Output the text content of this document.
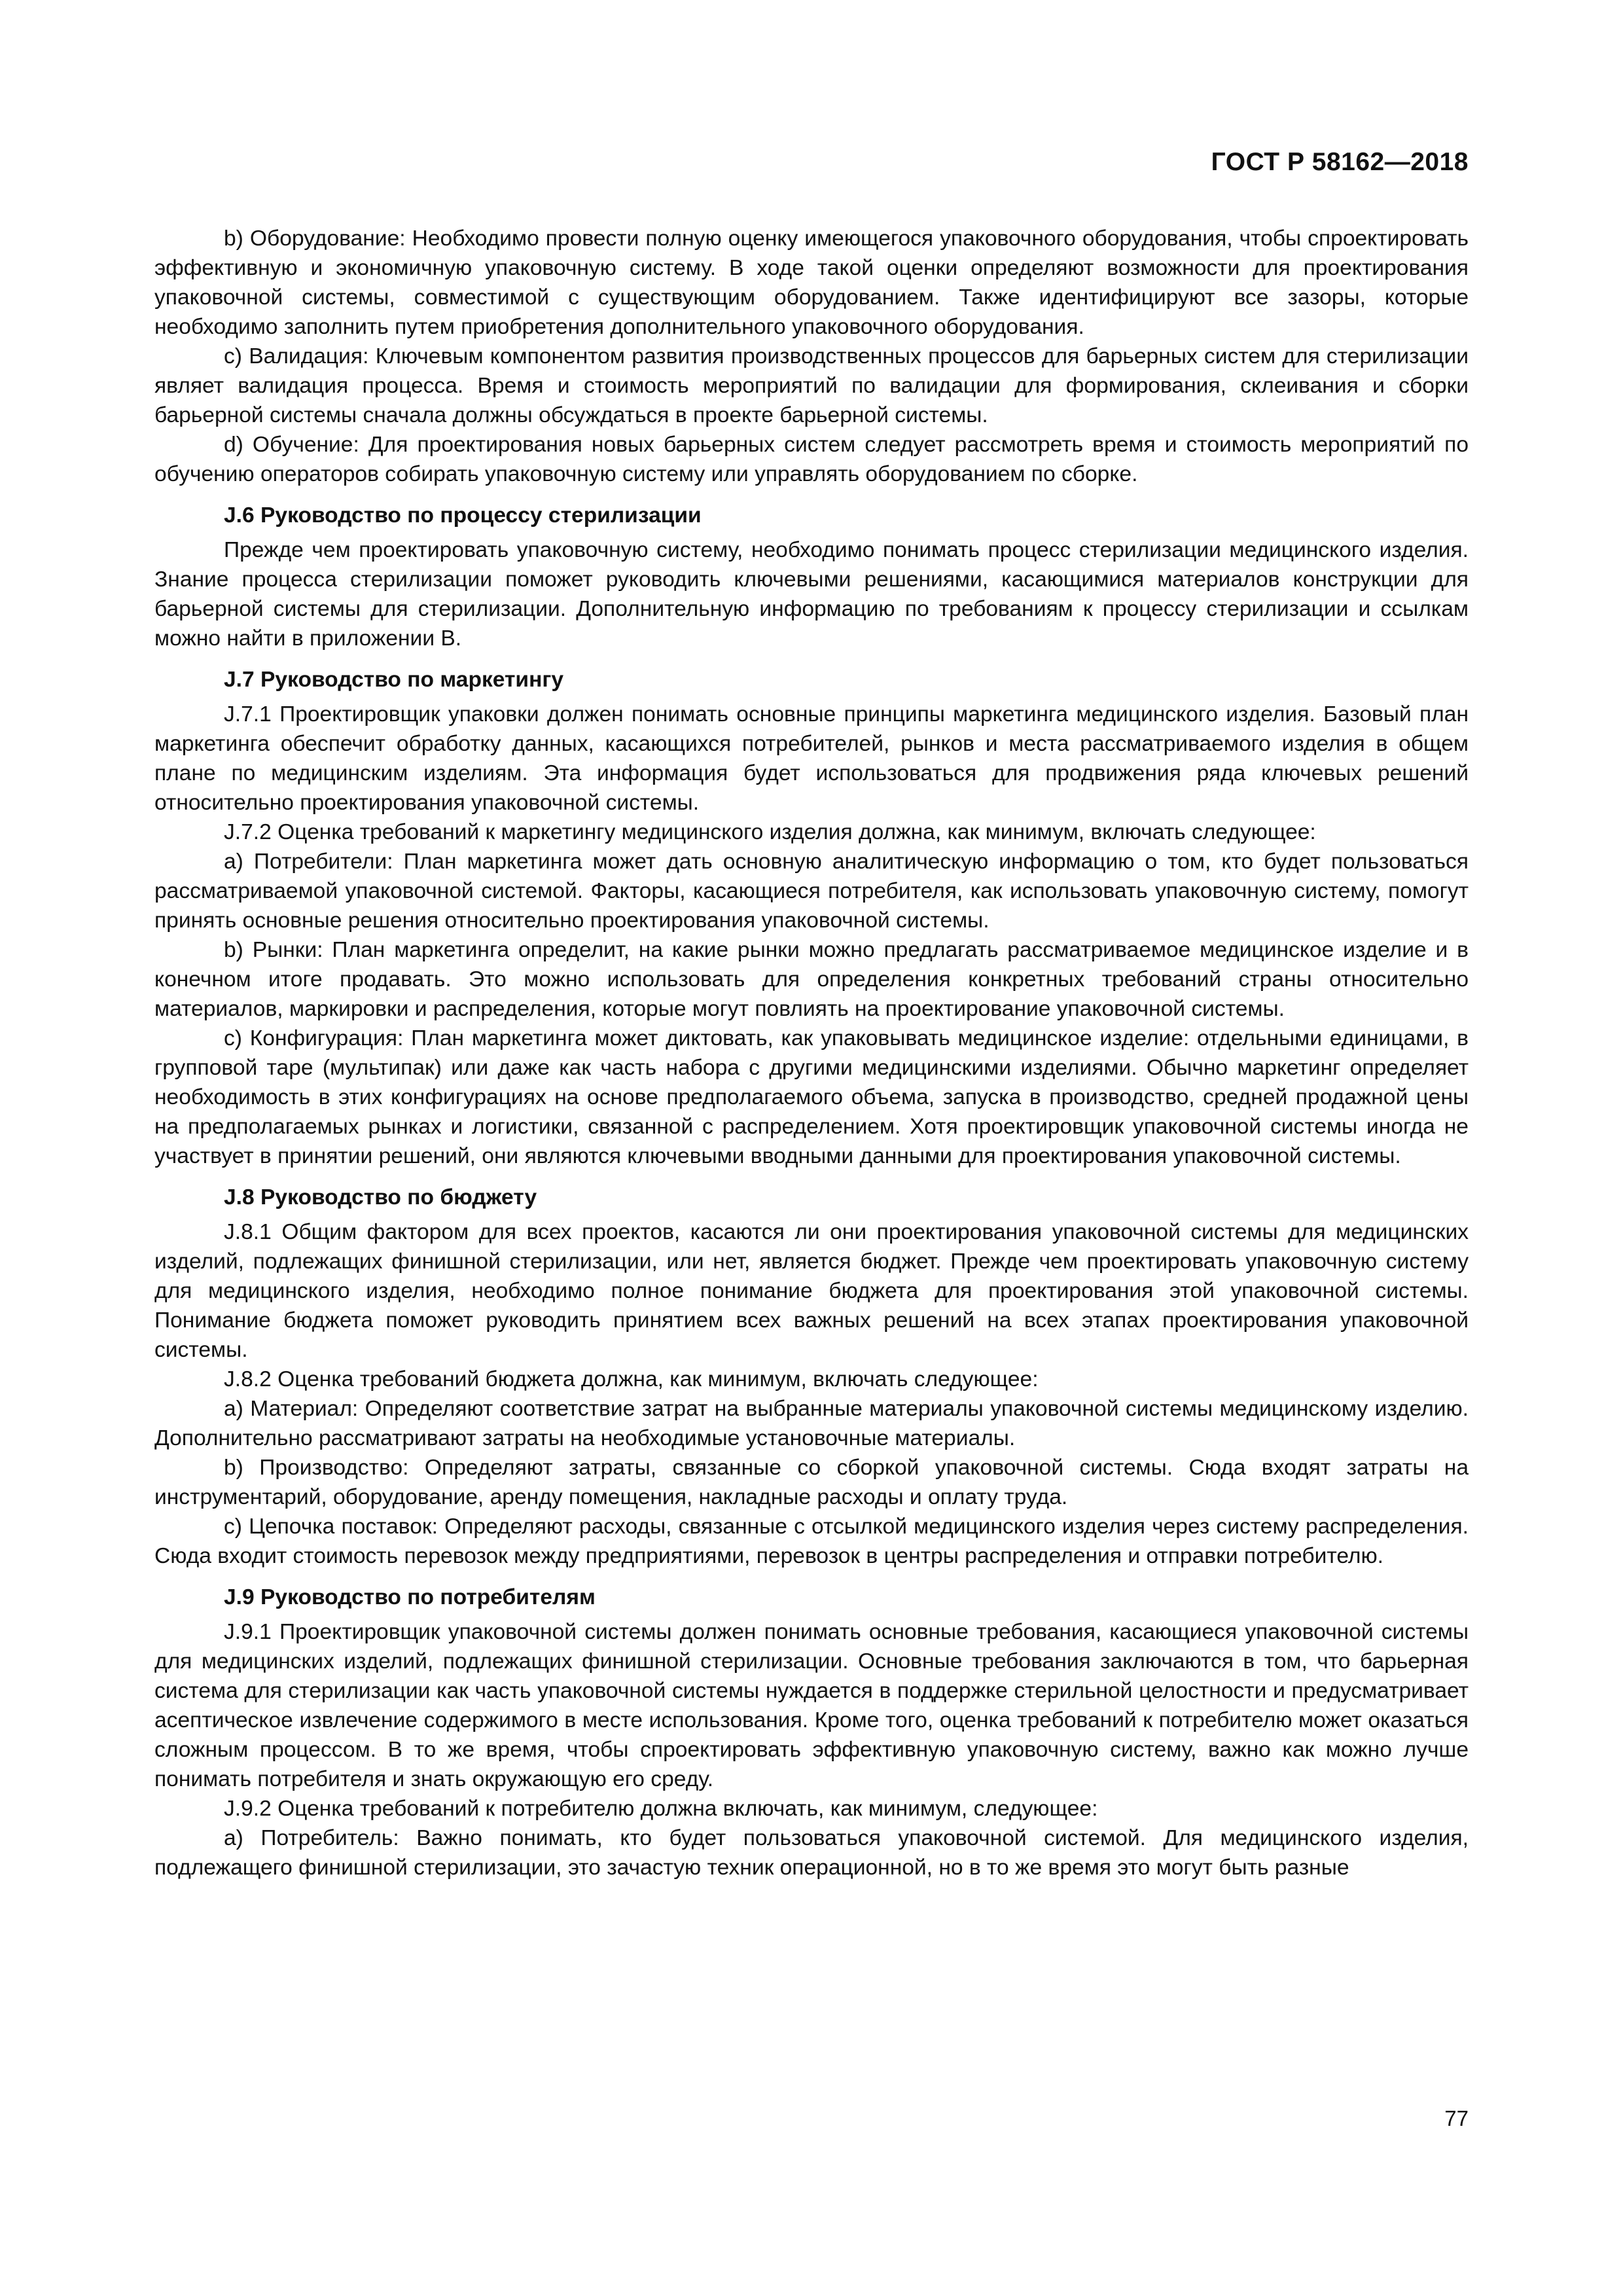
ГОСТ Р 58162—2018

b) Оборудование: Необходимо провести полную оценку имеющегося упаковочного оборудования, чтобы спроектировать эффективную и экономичную упаковочную систему. В ходе такой оценки определяют возможности для проектирования упаковочной системы, совместимой с существующим оборудованием. Также идентифицируют все зазоры, которые необходимо заполнить путем приобретения дополнительного упаковочного оборудования.

с) Валидация: Ключевым компонентом развития производственных процессов для барьерных систем для стерилизации являет валидация процесса. Время и стоимость мероприятий по валидации для формирования, склеивания и сборки барьерной системы сначала должны обсуждаться в проекте барьерной системы.

d) Обучение: Для проектирования новых барьерных систем следует рассмотреть время и стоимость мероприятий по обучению операторов собирать упаковочную систему или управлять оборудованием по сборке.

J.6 Руководство по процессу стерилизации

Прежде чем проектировать упаковочную систему, необходимо понимать процесс стерилизации медицинского изделия. Знание процесса стерилизации поможет руководить ключевыми решениями, касающимися материалов конструкции для барьерной системы для стерилизации. Дополнительную информацию по требованиям к процессу стерилизации и ссылкам можно найти в приложении В.

J.7 Руководство по маркетингу

J.7.1 Проектировщик упаковки должен понимать основные принципы маркетинга медицинского изделия. Базовый план маркетинга обеспечит обработку данных, касающихся потребителей, рынков и места рассматриваемого изделия в общем плане по медицинским изделиям. Эта информация будет использоваться для продвижения ряда ключевых решений относительно проектирования упаковочной системы.

J.7.2 Оценка требований к маркетингу медицинского изделия должна, как минимум, включать следующее:

а) Потребители: План маркетинга может дать основную аналитическую информацию о том, кто будет пользоваться рассматриваемой упаковочной системой. Факторы, касающиеся потребителя, как использовать упаковочную систему, помогут принять основные решения относительно проектирования упаковочной системы.

b) Рынки: План маркетинга определит, на какие рынки можно предлагать рассматриваемое медицинское изделие и в конечном итоге продавать. Это можно использовать для определения конкретных требований страны относительно материалов, маркировки и распределения, которые могут повлиять на проектирование упаковочной системы.

с) Конфигурация: План маркетинга может диктовать, как упаковывать медицинское изделие: отдельными единицами, в групповой таре (мультипак) или даже как часть набора с другими медицинскими изделиями. Обычно маркетинг определяет необходимость в этих конфигурациях на основе предполагаемого объема, запуска в производство, средней продажной цены на предполагаемых рынках и логистики, связанной с распределением. Хотя проектировщик упаковочной системы иногда не участвует в принятии решений, они являются ключевыми вводными данными для проектирования упаковочной системы.

J.8 Руководство по бюджету

J.8.1 Общим фактором для всех проектов, касаются ли они проектирования упаковочной системы для медицинских изделий, подлежащих финишной стерилизации, или нет, является бюджет. Прежде чем проектировать упаковочную систему для медицинского изделия, необходимо полное понимание бюджета для проектирования этой упаковочной системы. Понимание бюджета поможет руководить принятием всех важных решений на всех этапах проектирования упаковочной системы.

J.8.2 Оценка требований бюджета должна, как минимум, включать следующее:

а) Материал: Определяют соответствие затрат на выбранные материалы упаковочной системы медицинскому изделию. Дополнительно рассматривают затраты на необходимые установочные материалы.

b) Производство: Определяют затраты, связанные со сборкой упаковочной системы. Сюда входят затраты на инструментарий, оборудование, аренду помещения, накладные расходы и оплату труда.

с) Цепочка поставок: Определяют расходы, связанные с отсылкой медицинского изделия через систему распределения. Сюда входит стоимость перевозок между предприятиями, перевозок в центры распределения и отправки потребителю.

J.9 Руководство по потребителям

J.9.1 Проектировщик упаковочной системы должен понимать основные требования, касающиеся упаковочной системы для медицинских изделий, подлежащих финишной стерилизации. Основные требования заключаются в том, что барьерная система для стерилизации как часть упаковочной системы нуждается в поддержке стерильной целостности и предусматривает асептическое извлечение содержимого в месте использования. Кроме того, оценка требований к потребителю может оказаться сложным процессом. В то же время, чтобы спроектировать эффективную упаковочную систему, важно как можно лучше понимать потребителя и знать окружающую его среду.

J.9.2 Оценка требований к потребителю должна включать, как минимум, следующее:

а) Потребитель: Важно понимать, кто будет пользоваться упаковочной системой. Для медицинского изделия, подлежащего финишной стерилизации, это зачастую техник операционной, но в то же время это могут быть разные

77
